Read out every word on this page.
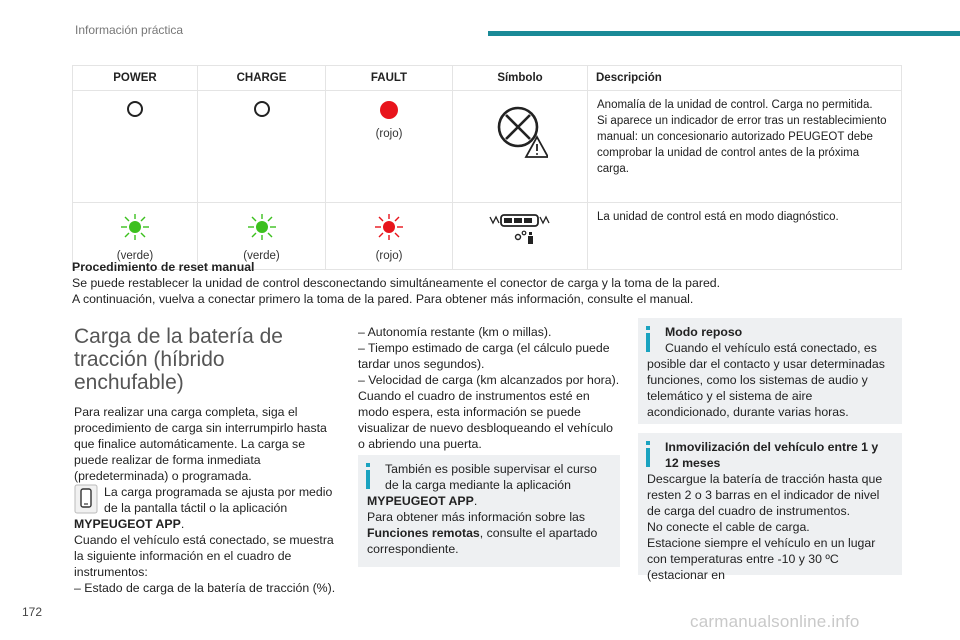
Información práctica
POWER	CHARGE	FAULT	Símbolo	Descripción

		(rojo)		Anomalía de la unidad de control. Carga no permitida.
Si aparece un indicador de error tras un restablecimiento manual: un concesionario autorizado PEUGEOT debe comprobar la unidad de control antes de la próxima carga.

(verde)	(verde)	(rojo)		La unidad de control está en modo diagnóstico.
Procedimiento de reset manual
Se puede restablecer la unidad de control desconectando simultáneamente el conector de carga y la toma de la pared.
A continuación, vuelva a conectar primero la toma de la pared. Para obtener más información, consulte el manual.
Carga de la batería de tracción (híbrido enchufable)
Para realizar una carga completa, siga el procedimiento de carga sin interrumpirlo hasta que finalice automáticamente. La carga se puede realizar de forma inmediata (predeterminada) o programada.
La carga programada se ajusta por medio de la pantalla táctil o la aplicación MYPEUGEOT APP.
Cuando el vehículo está conectado, se muestra la siguiente información en el cuadro de instrumentos:
– Estado de carga de la batería de tracción (%).
– Autonomía restante (km o millas).
– Tiempo estimado de carga (el cálculo puede tardar unos segundos).
– Velocidad de carga (km alcanzados por hora).
Cuando el cuadro de instrumentos esté en modo espera, esta información se puede visualizar de nuevo desbloqueando el vehículo o abriendo una puerta.
También es posible supervisar el curso de la carga mediante la aplicación
MYPEUGEOT APP.
Para obtener más información sobre las Funciones remotas, consulte el apartado correspondiente.
Modo reposo
Cuando el vehículo está conectado, es posible dar el contacto y usar determinadas funciones, como los sistemas de audio y telemático y el sistema de aire acondicionado, durante varias horas.
Inmovilización del vehículo entre 1 y 12 meses
Descargue la batería de tracción hasta que resten 2 o 3 barras en el indicador de nivel de carga del cuadro de instrumentos.
No conecte el cable de carga.
Estacione siempre el vehículo en un lugar con temperaturas entre -10 y 30 ºC (estacionar en
172	carmanualsonline.info
